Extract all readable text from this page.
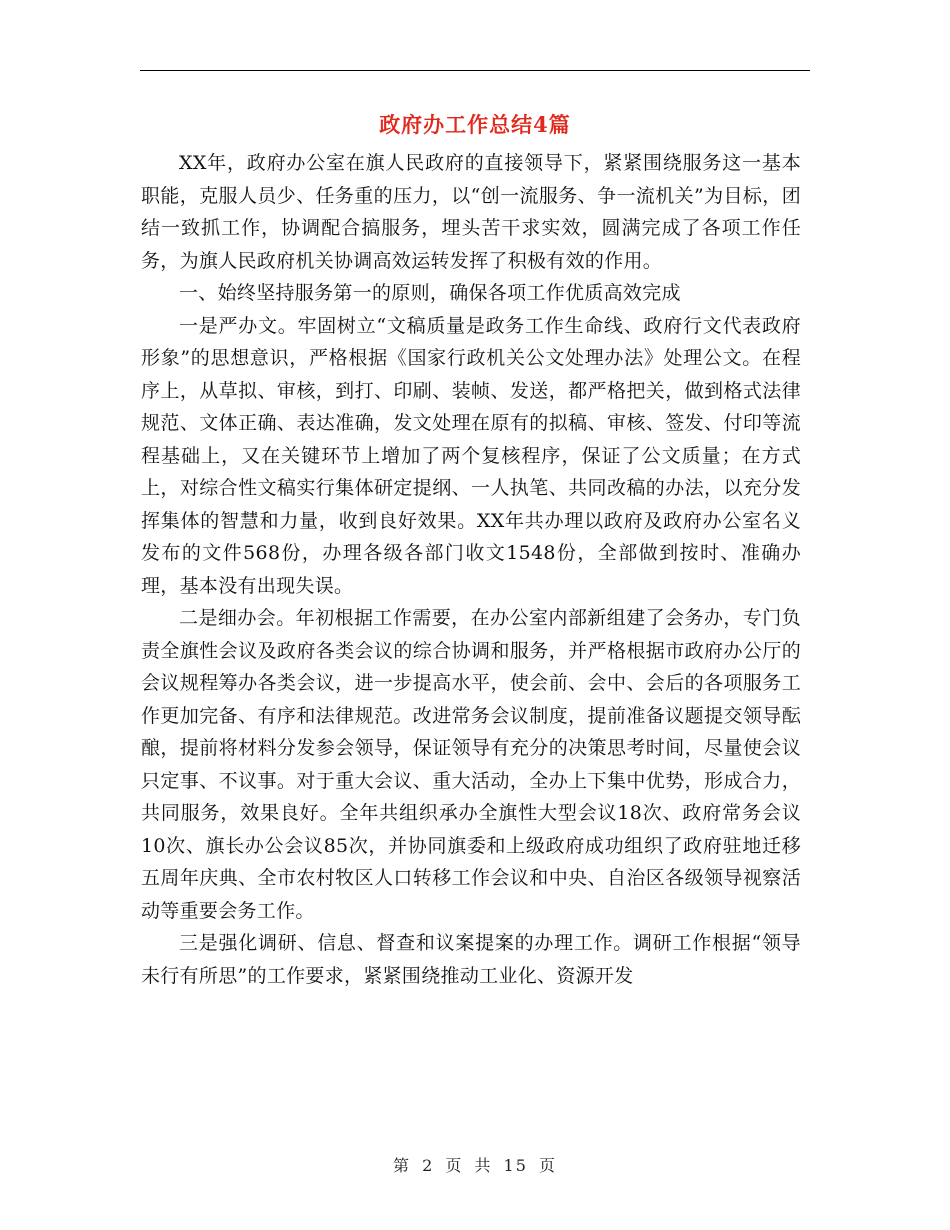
政府办工作总结4篇

XX年，政府办公室在旗人民政府的直接领导下，紧紧围绕服务这一基本职能，克服人员少、任务重的压力，以“创一流服务、争一流机关”为目标，团结一致抓工作，协调配合搞服务，埋头苦干求实效，圆满完成了各项工作任务，为旗人民政府机关协调高效运转发挥了积极有效的作用。

一、始终坚持服务第一的原则，确保各项工作优质高效完成

一是严办文。牢固树立“文稿质量是政务工作生命线、政府行文代表政府形象”的思想意识，严格根据《国家行政机关公文处理办法》处理公文。在程序上，从草拟、审核，到打、印刷、装帧、发送，都严格把关，做到格式法律规范、文体正确、表达准确，发文处理在原有的拟稿、审核、签发、付印等流程基础上，又在关键环节上增加了两个复核程序，保证了公文质量；在方式上，对综合性文稿实行集体研定提纲、一人执笔、共同改稿的办法，以充分发挥集体的智慧和力量，收到良好效果。XX年共办理以政府及政府办公室名义发布的文件568份，办理各级各部门收文1548份，全部做到按时、准确办理，基本没有出现失误。

二是细办会。年初根据工作需要，在办公室内部新组建了会务办，专门负责全旗性会议及政府各类会议的综合协调和服务，并严格根据市政府办公厅的会议规程筹办各类会议，进一步提高水平，使会前、会中、会后的各项服务工作更加完备、有序和法律规范。改进常务会议制度，提前准备议题提交领导酝酿，提前将材料分发参会领导，保证领导有充分的决策思考时间，尽量使会议只定事、不议事。对于重大会议、重大活动，全办上下集中优势，形成合力，共同服务，效果良好。全年共组织承办全旗性大型会议18次、政府常务会议10次、旗长办公会议85次，并协同旗委和上级政府成功组织了政府驻地迁移五周年庆典、全市农村牧区人口转移工作会议和中央、自治区各级领导视察活动等重要会务工作。

三是强化调研、信息、督查和议案提案的办理工作。调研工作根据“领导未行有所思”的工作要求，紧紧围绕推动工业化、资源开发

第 2 页 共 15 页
